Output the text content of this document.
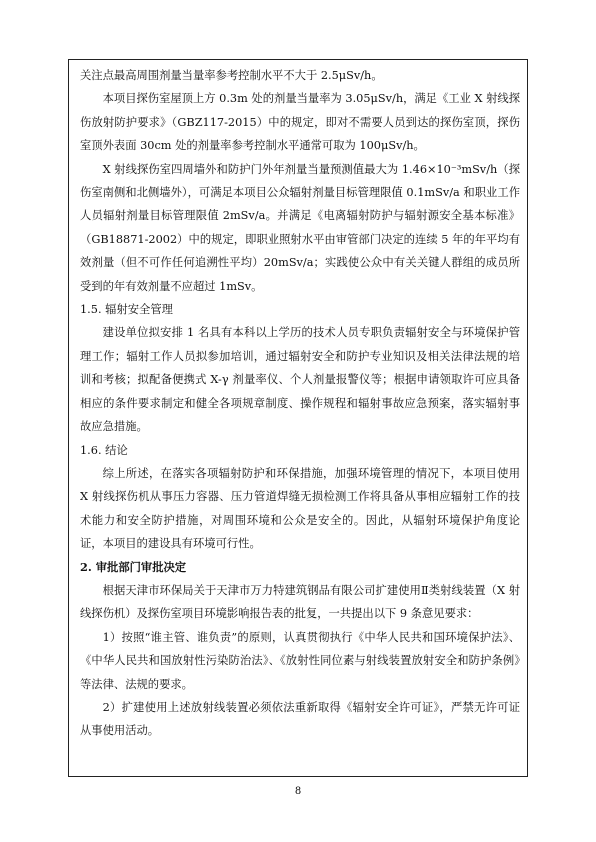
关注点最高周围剂量当量率参考控制水平不大于 2.5μSv/h。

本项目探伤室屋顶上方 0.3m 处的剂量当量率为 3.05μSv/h，满足《工业 X 射线探伤放射防护要求》（GBZ117-2015）中的规定，即对不需要人员到达的探伤室顶，探伤室顶外表面 30cm 处的剂量率参考控制水平通常可取为 100μSv/h。

X 射线探伤室四周墙外和防护门外年剂量当量预测值最大为 1.46×10⁻³mSv/h（探伤室南侧和北侧墙外），可满足本项目公众辐射剂量目标管理限值 0.1mSv/a 和职业工作人员辐射剂量目标管理限值 2mSv/a。并满足《电离辐射防护与辐射源安全基本标准》（GB18871-2002）中的规定，即职业照射水平由审管部门决定的连续 5 年的年平均有效剂量（但不可作任何追溯性平均）20mSv/a；实践使公众中有关关键人群组的成员所受到的年有效剂量不应超过 1mSv。

1.5. 辐射安全管理

建设单位拟安排 1 名具有本科以上学历的技术人员专职负责辐射安全与环境保护管理工作；辐射工作人员拟参加培训，通过辐射安全和防护专业知识及相关法律法规的培训和考核；拟配备便携式 X-γ 剂量率仪、个人剂量报警仪等；根据申请领取许可应具备相应的条件要求制定和健全各项规章制度、操作规程和辐射事故应急预案，落实辐射事故应急措施。

1.6. 结论

综上所述，在落实各项辐射防护和环保措施，加强环境管理的情况下，本项目使用 X 射线探伤机从事压力容器、压力管道焊缝无损检测工作将具备从事相应辐射工作的技术能力和安全防护措施，对周围环境和公众是安全的。因此，从辐射环境保护角度论证，本项目的建设具有环境可行性。

2. 审批部门审批决定

根据天津市环保局关于天津市万力特建筑钢品有限公司扩建使用Ⅱ类射线装置（X 射线探伤机）及探伤室项目环境影响报告表的批复，一共提出以下 9 条意见要求：

1）按照“谁主管、谁负责”的原则，认真贯彻执行《中华人民共和国环境保护法》、《中华人民共和国放射性污染防治法》、《放射性同位素与射线装置放射安全和防护条例》等法律、法规的要求。

2）扩建使用上述放射线装置必须依法重新取得《辐射安全许可证》，严禁无许可证从事使用活动。

8
